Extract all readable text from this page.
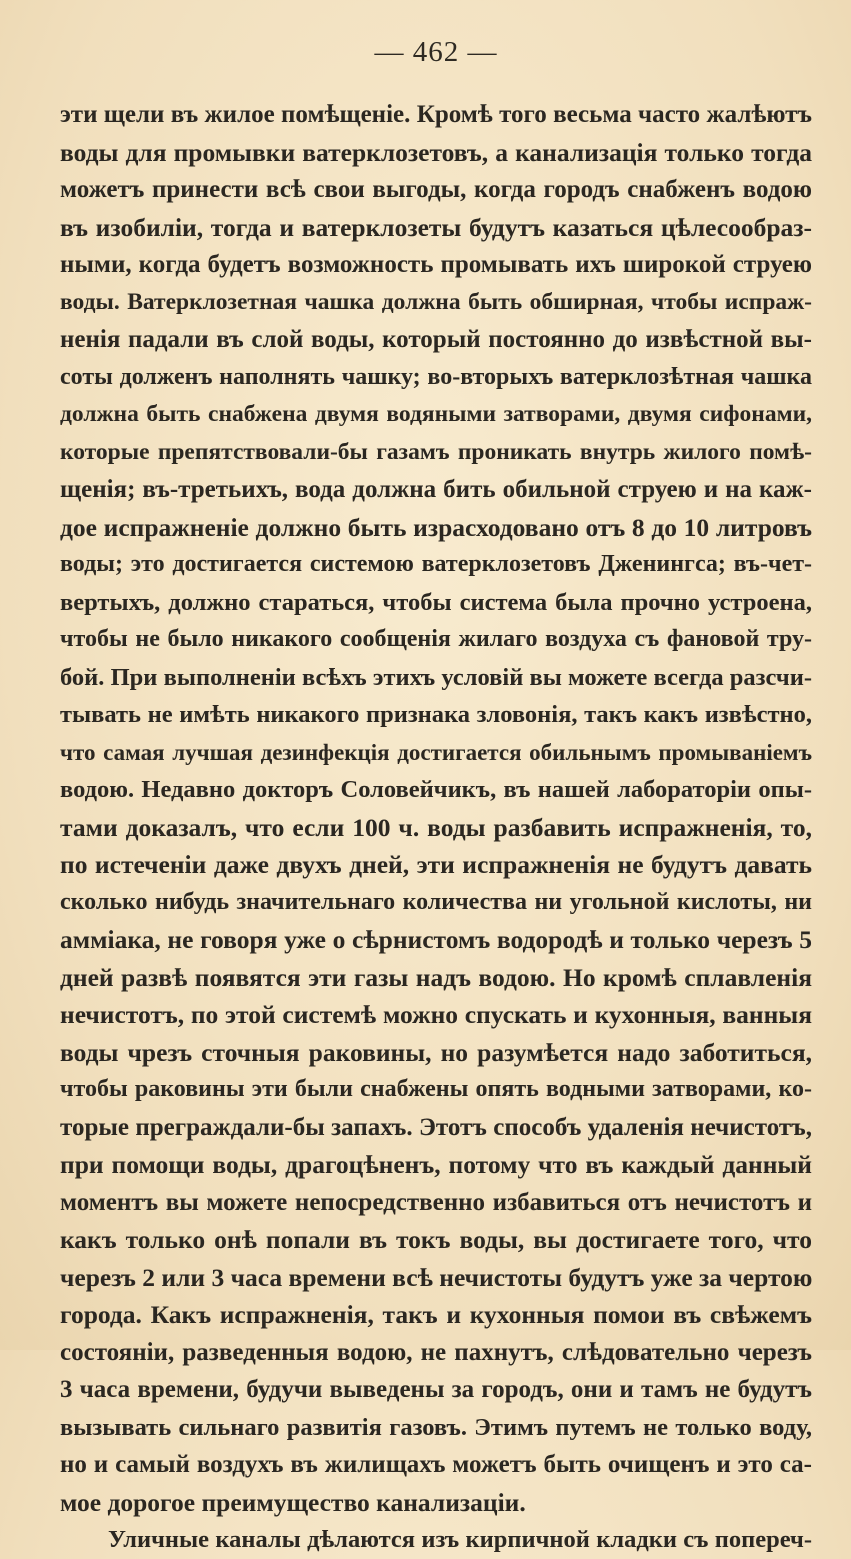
— 462 —
эти щели въ жилое помѣщеніе. Кромѣ того весьма часто жалѣютъ
воды для промывки ватерклозетовъ, а канализація только тогда
можетъ принести всѣ свои выгоды, когда городъ снабженъ водою
въ изобиліи, тогда и ватерклозеты будутъ казаться цѣлесообраз-
ными, когда будетъ возможность промывать ихъ широкой струею
воды. Ватерклозетная чашка должна быть обширная, чтобы испраж-
ненія падали въ слой воды, который постоянно до извѣстной вы-
соты долженъ наполнять чашку; во-вторыхъ ватерклозѣтная чашка
должна быть снабжена двумя водяными затворами, двумя сифонами,
которые препятствовали-бы газамъ проникать внутрь жилого помѣ-
щенія; въ-третьихъ, вода должна бить обильной струею и на каж-
дое испражненіе должно быть израсходовано отъ 8 до 10 литровъ
воды; это достигается системою ватерклозетовъ Дженингса; въ-чет-
вертыхъ, должно стараться, чтобы система была прочно устроена,
чтобы не было никакого сообщенія жилаго воздуха съ фановой тру-
бой. При выполненіи всѣхъ этихъ условій вы можете всегда разсчи-
тывать не имѣть никакого признака зловонія, такъ какъ извѣстно,
что самая лучшая дезинфекція достигается обильнымъ промываніемъ
водою. Недавно докторъ Соловейчикъ, въ нашей лабораторіи опы-
тами доказалъ, что если 100 ч. воды разбавить испражненія, то,
по истеченіи даже двухъ дней, эти испражненія не будутъ давать
сколько нибудь значительнаго количества ни угольной кислоты, ни
амміака, не говоря уже о сѣрнистомъ водородѣ и только черезъ 5
дней развѣ появятся эти газы надъ водою. Но кромѣ сплавленія
нечистотъ, по этой системѣ можно спускать и кухонныя, ванныя
воды чрезъ сточныя раковины, но разумѣется надо заботиться,
чтобы раковины эти были снабжены опять водными затворами, ко-
торые преграждали-бы запахъ. Этотъ способъ удаленія нечистотъ,
при помощи воды, драгоцѣненъ, потому что въ каждый данный
моментъ вы можете непосредственно избавиться отъ нечистотъ и
какъ только онѣ попали въ токъ воды, вы достигаете того, что
черезъ 2 или 3 часа времени всѣ нечистоты будутъ уже за чертою
города. Какъ испражненія, такъ и кухонныя помои въ свѣжемъ
состояніи, разведенныя водою, не пахнутъ, слѣдовательно черезъ
3 часа времени, будучи выведены за городъ, они и тамъ не будутъ
вызывать сильнаго развитія газовъ. Этимъ путемъ не только воду,
но и самый воздухъ въ жилищахъ можетъ быть очищенъ и это са-
мое дорогое преимущество канализаціи.
Уличные каналы дѣлаются изъ кирпичной кладки съ попереч-
